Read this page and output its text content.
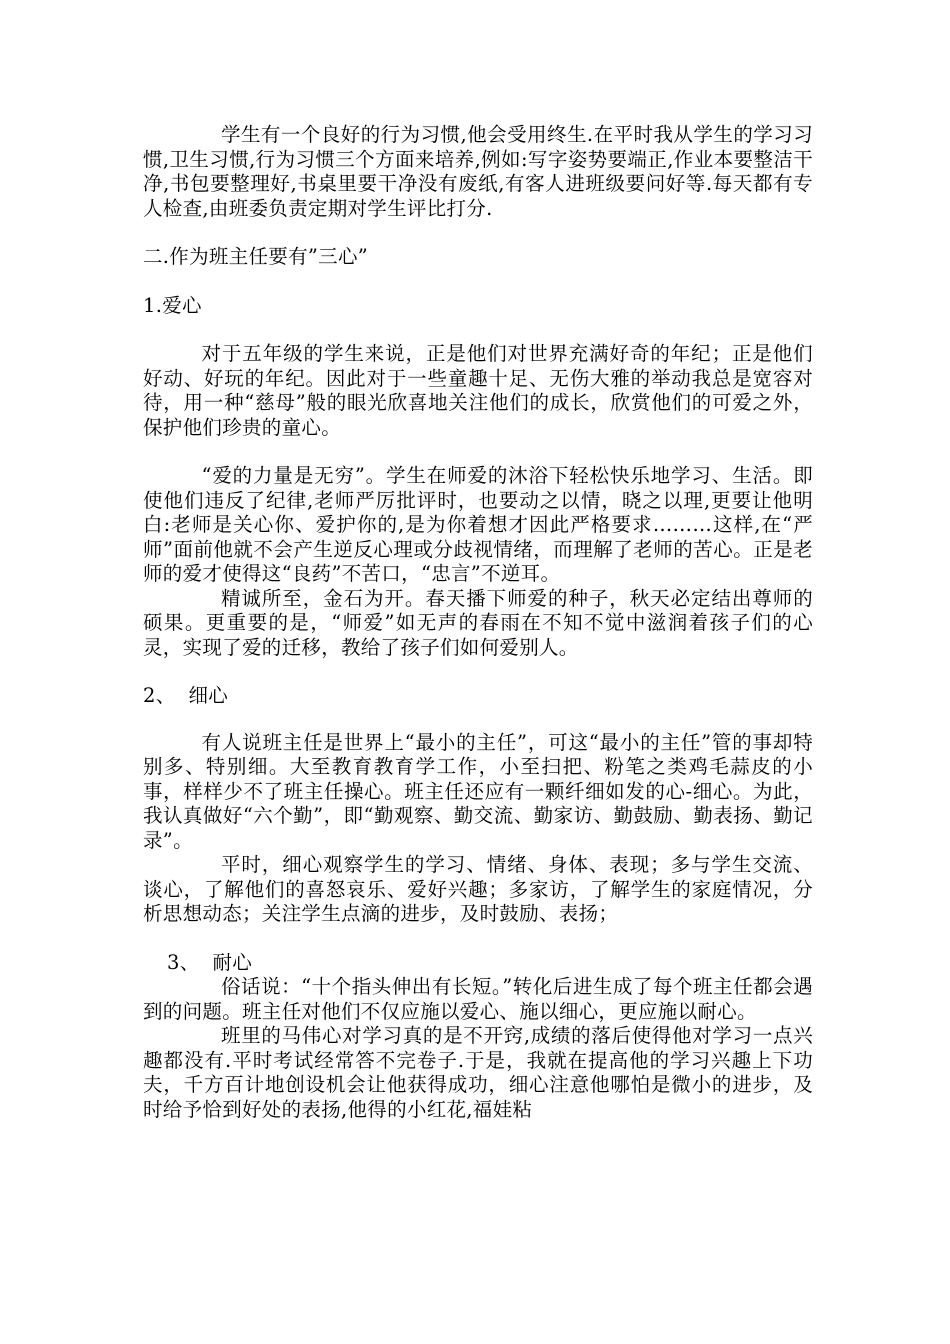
学生有一个良好的行为习惯,他会受用终生.在平时我从学生的学习习惯,卫生习惯,行为习惯三个方面来培养,例如:写字姿势要端正,作业本要整洁干净,书包要整理好,书桌里要干净没有废纸,有客人进班级要问好等.每天都有专人检查,由班委负责定期对学生评比打分.

二.作为班主任要有”三心”

1.爱心

对于五年级的学生来说，正是他们对世界充满好奇的年纪；正是他们好动、好玩的年纪。因此对于一些童趣十足、无伤大雅的举动我总是宽容对待，用一种“慈母”般的眼光欣喜地关注他们的成长，欣赏他们的可爱之外，保护他们珍贵的童心。

“爱的力量是无穷”。学生在师爱的沐浴下轻松快乐地学习、生活。即使他们违反了纪律,老师严厉批评时，也要动之以情，晓之以理,更要让他明白:老师是关心你、爱护你的,是为你着想才因此严格要求………这样,在“严师”面前他就不会产生逆反心理或分歧视情绪，而理解了老师的苦心。正是老师的爱才使得这“良药”不苦口，“忠言”不逆耳。

精诚所至，金石为开。春天播下师爱的种子，秋天必定结出尊师的硕果。更重要的是，“师爱”如无声的春雨在不知不觉中滋润着孩子们的心灵，实现了爱的迁移，教给了孩子们如何爱别人。

2、  细心

有人说班主任是世界上“最小的主任”，可这“最小的主任”管的事却特别多、特别细。大至教育教育学工作，小至扫把、粉笔之类鸡毛蒜皮的小事，样样少不了班主任操心。班主任还应有一颗纤细如发的心-细心。为此，我认真做好“六个勤”，即“勤观察、勤交流、勤家访、勤鼓励、勤表扬、勤记录”。

平时，细心观察学生的学习、情绪、身体、表现；多与学生交流、谈心，了解他们的喜怒哀乐、爱好兴趣；多家访，了解学生的家庭情况，分析思想动态；关注学生点滴的进步，及时鼓励、表扬；

3、  耐心

俗话说：“十个指头伸出有长短。”转化后进生成了每个班主任都会遇到的问题。班主任对他们不仅应施以爱心、施以细心，更应施以耐心。

班里的马伟心对学习真的是不开窍,成绩的落后使得他对学习一点兴趣都没有.平时考试经常答不完卷子.于是，我就在提高他的学习兴趣上下功夫，千方百计地创设机会让他获得成功，细心注意他哪怕是微小的进步，及时给予恰到好处的表扬,他得的小红花,福娃粘
